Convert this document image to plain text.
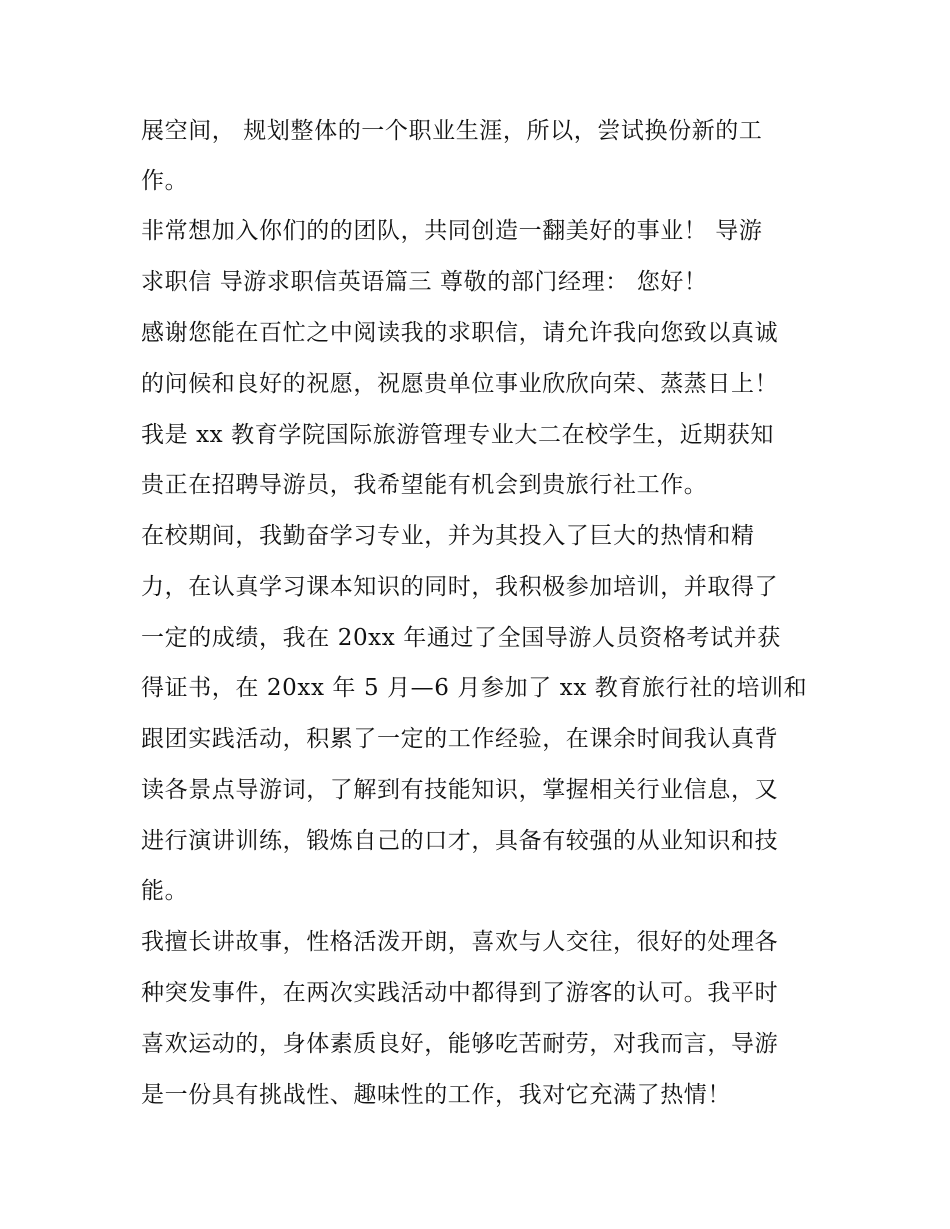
展空间， 规划整体的一个职业生涯，所以，尝试换份新的工
作。
非常想加入你们的的团队，共同创造一翻美好的事业！ 导游
求职信 导游求职信英语篇三 尊敬的部门经理： 您好！
感谢您能在百忙之中阅读我的求职信，请允许我向您致以真诚
的问候和良好的祝愿，祝愿贵单位事业欣欣向荣、蒸蒸日上！
我是 xx 教育学院国际旅游管理专业大二在校学生，近期获知
贵正在招聘导游员，我希望能有机会到贵旅行社工作。
在校期间，我勤奋学习专业，并为其投入了巨大的热情和精
力，在认真学习课本知识的同时，我积极参加培训，并取得了
一定的成绩，我在 20xx 年通过了全国导游人员资格考试并获
得证书，在 20xx 年 5 月—6 月参加了 xx 教育旅行社的培训和
跟团实践活动，积累了一定的工作经验，在课余时间我认真背
读各景点导游词，了解到有技能知识，掌握相关行业信息，又
进行演讲训练，锻炼自己的口才，具备有较强的从业知识和技
能。
我擅长讲故事，性格活泼开朗，喜欢与人交往，很好的处理各
种突发事件，在两次实践活动中都得到了游客的认可。我平时
喜欢运动的，身体素质良好，能够吃苦耐劳，对我而言，导游
是一份具有挑战性、趣味性的工作，我对它充满了热情！
